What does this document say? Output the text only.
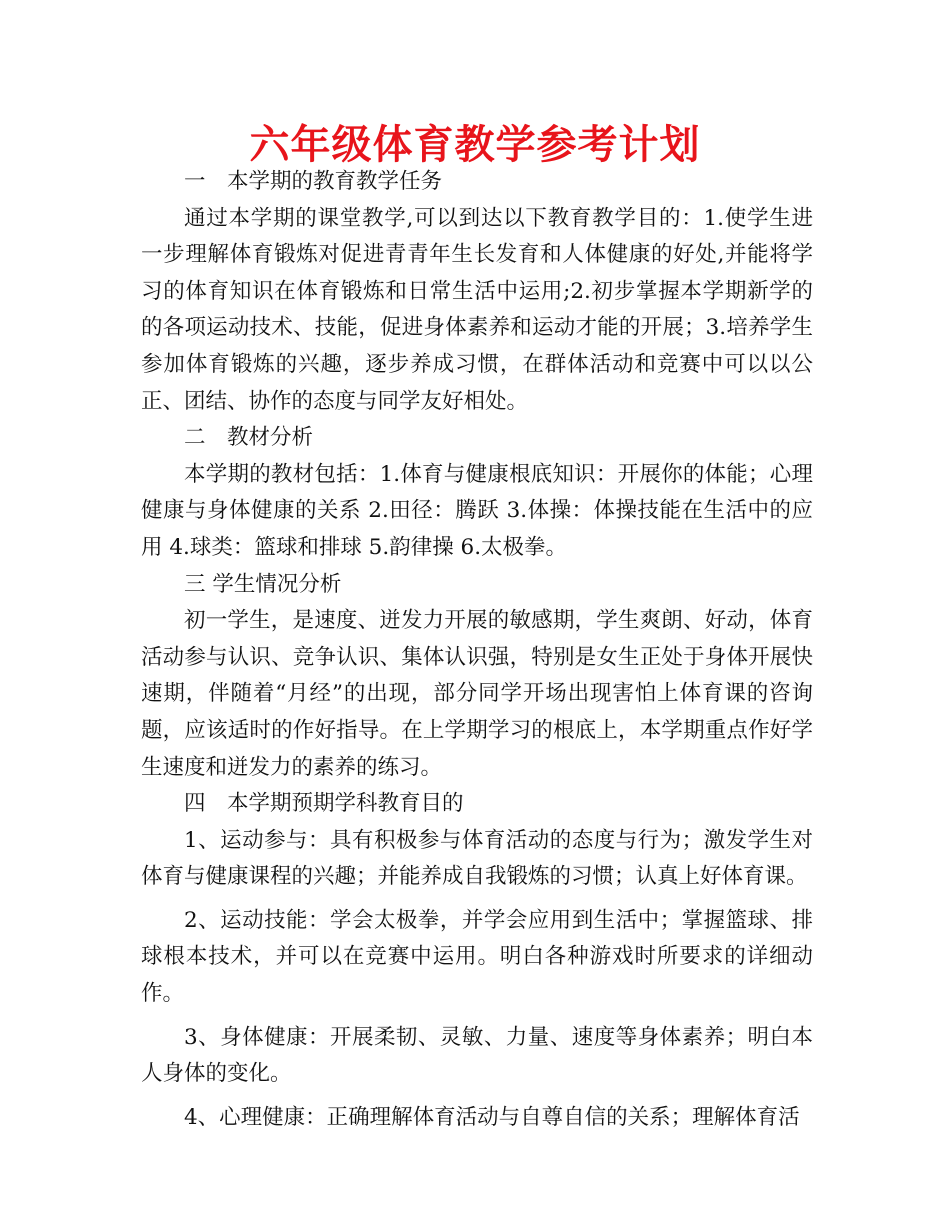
六年级体育教学参考计划

一　本学期的教育教学任务

通过本学期的课堂教学,可以到达以下教育教学目的：1.使学生进一步理解体育锻炼对促进青青年生长发育和人体健康的好处,并能将学习的体育知识在体育锻炼和日常生活中运用;2.初步掌握本学期新学的的各项运动技术、技能，促进身体素养和运动才能的开展；3.培养学生参加体育锻炼的兴趣，逐步养成习惯，在群体活动和竞赛中可以以公正、团结、协作的态度与同学友好相处。

二　教材分析

本学期的教材包括：1.体育与健康根底知识：开展你的体能；心理健康与身体健康的关系 2.田径：腾跃 3.体操：体操技能在生活中的应用 4.球类：篮球和排球 5.韵律操 6.太极拳。

三 学生情况分析

初一学生，是速度、迸发力开展的敏感期，学生爽朗、好动，体育活动参与认识、竞争认识、集体认识强，特别是女生正处于身体开展快速期，伴随着“月经”的出现，部分同学开场出现害怕上体育课的咨询题，应该适时的作好指导。在上学期学习的根底上，本学期重点作好学生速度和迸发力的素养的练习。

四　本学期预期学科教育目的

1、运动参与：具有积极参与体育活动的态度与行为；激发学生对体育与健康课程的兴趣；并能养成自我锻炼的习惯；认真上好体育课。

2、运动技能：学会太极拳，并学会应用到生活中；掌握篮球、排球根本技术，并可以在竞赛中运用。明白各种游戏时所要求的详细动作。

3、身体健康：开展柔韧、灵敏、力量、速度等身体素养；明白本人身体的变化。

4、心理健康：正确理解体育活动与自尊自信的关系；理解体育活
